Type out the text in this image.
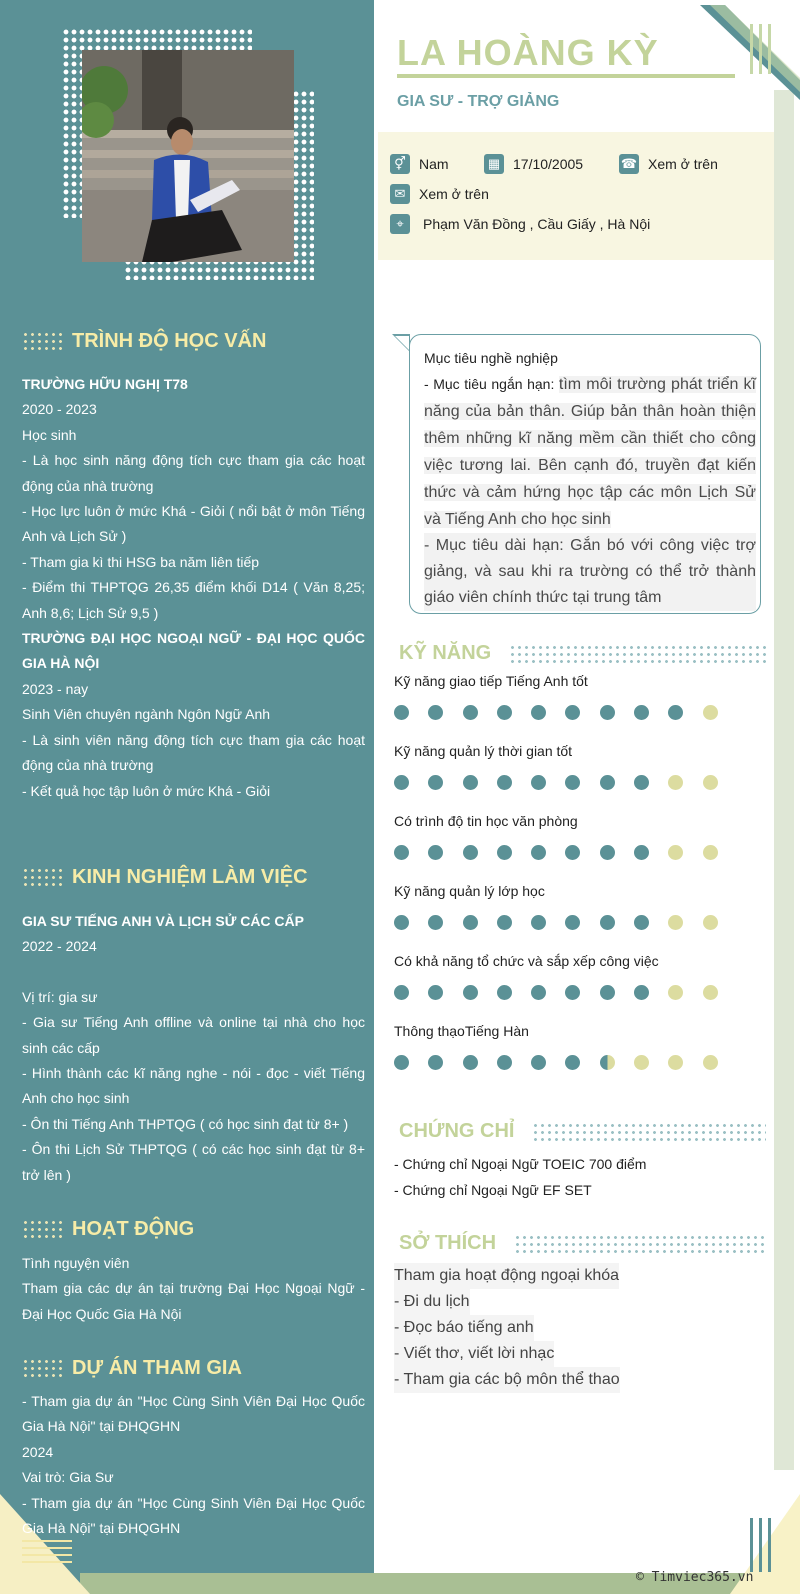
LA HOÀNG KỲ
GIA SƯ - TRỢ GIẢNG
⚥ Nam	▦ 17/10/2005	☎ Xem ở trên
✉ Xem ở trên
⌖	Phạm Văn Đồng , Cầu Giấy , Hà Nội
TRÌNH ĐỘ HỌC VẤN

TRƯỜNG HỮU NGHỊ T78

2020 - 2023

Học sinh

- Là học sinh năng động tích cực tham gia các hoạt động của nhà trường

- Học lực luôn ở mức Khá - Giỏi ( nổi bật ở môn Tiếng Anh và Lịch Sử )

- Tham gia kì thi HSG ba năm liên tiếp

- Điểm thi THPTQG 26,35 điểm khối D14 ( Văn 8,25; Anh 8,6; Lịch Sử 9,5 )

TRƯỜNG ĐẠI HỌC NGOẠI NGỮ - ĐẠI HỌC QUỐC GIA HÀ NỘI

2023 - nay

Sinh Viên chuyên ngành Ngôn Ngữ Anh

- Là sinh viên năng động tích cực tham gia các hoạt động của nhà trường

- Kết quả học tập luôn ở mức Khá - Giỏi

KINH NGHIỆM LÀM VIỆC

GIA SƯ TIẾNG ANH VÀ LỊCH SỬ CÁC CẤP

2022 - 2024

Vị trí: gia sư

- Gia sư Tiếng Anh offline và online tại nhà cho học sinh các cấp

- Hình thành các kĩ năng nghe - nói - đọc - viết Tiếng Anh cho học sinh

- Ôn thi Tiếng Anh THPTQG ( có học sinh đạt từ 8+ )

- Ôn thi Lịch Sử THPTQG ( có các học sinh đạt từ 8+ trở lên )

HOẠT ĐỘNG

Tình nguyện viên

Tham gia các dự án tại trường Đại Học Ngoại Ngữ - Đại Học Quốc Gia Hà Nội

DỰ ÁN THAM GIA

- Tham gia dự án "Học Cùng Sinh Viên Đại Học Quốc Gia Hà Nội" tại ĐHQGHN

2024

Vai trò: Gia Sư

- Tham gia dự án "Học Cùng Sinh Viên Đại Học Quốc Gia Hà Nội" tại ĐHQGHN

Mục tiêu nghề nghiệp

- Mục tiêu ngắn hạn: tìm môi trường phát triển kĩ năng của bản thân. Giúp bản thân hoàn thiện thêm những kĩ năng mềm cần thiết cho công việc tương lai. Bên cạnh đó, truyền đạt kiến thức và cảm hứng học tập các môn Lịch Sử và Tiếng Anh cho học sinh

- Mục tiêu dài hạn: Gắn bó với công việc trợ giảng, và sau khi ra trường có thể trở thành giáo viên chính thức tại trung tâm

KỸ NĂNG

Kỹ năng giao tiếp Tiếng Anh tốt

Kỹ năng quản lý thời gian tốt

Có trình độ tin học văn phòng

Kỹ năng quản lý lớp học

Có khả năng tổ chức và sắp xếp công việc

Thông thạoTiếng Hàn

CHỨNG CHỈ

- Chứng chỉ Ngoại Ngữ TOEIC 700 điểm

- Chứng chỉ Ngoại Ngữ EF SET

SỞ THÍCH

Tham gia hoạt động ngoại khóa

- Đi du lịch

- Đọc báo tiếng anh

- Viết thơ, viết lời nhạc

- Tham gia các bộ môn thể thao

© Timviec365.vn
